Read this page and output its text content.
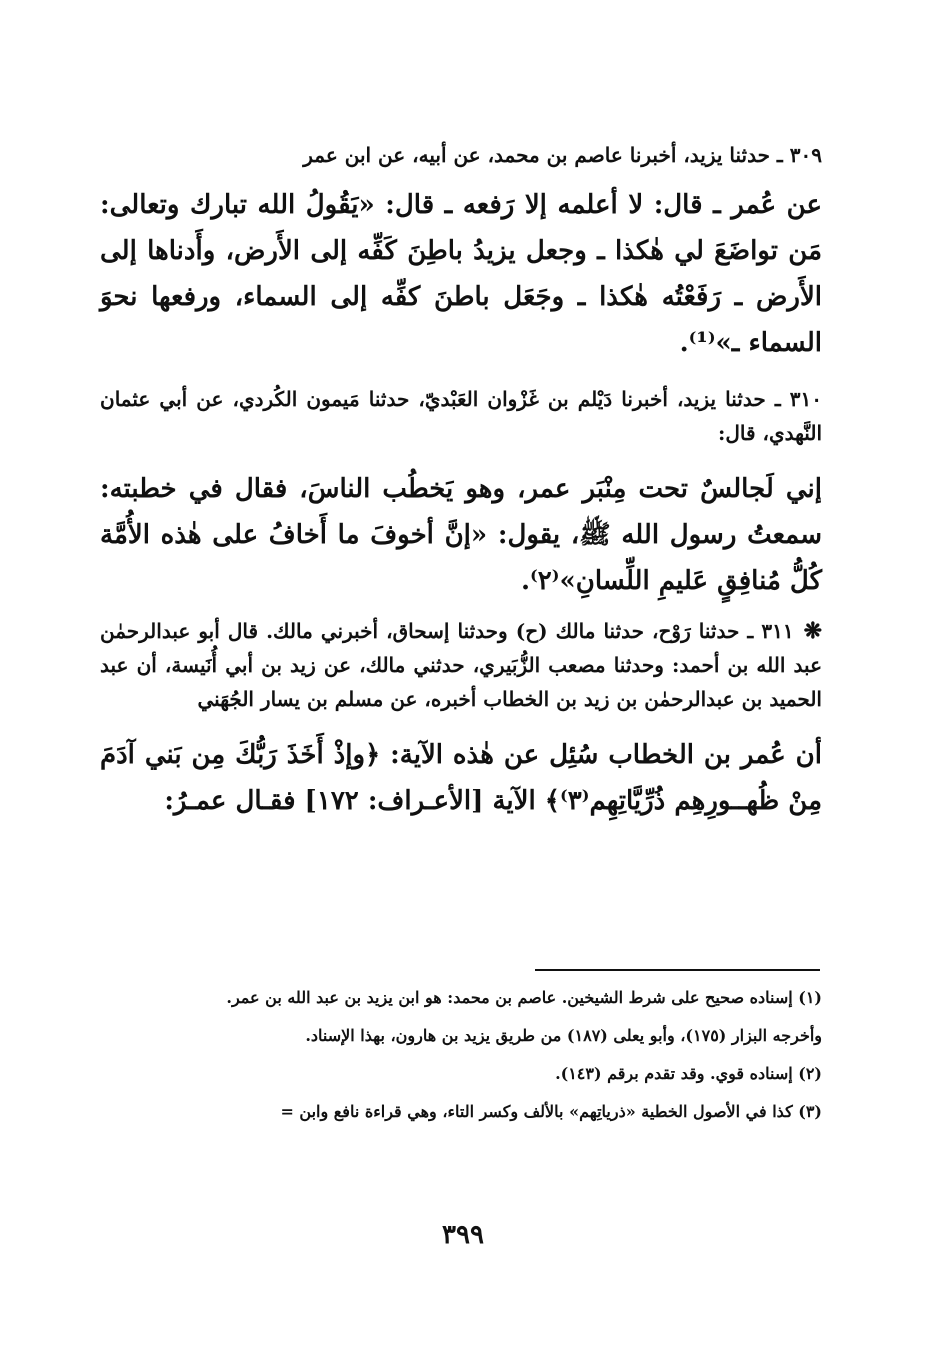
٣٠٩ ـ حدثنا يزيد، أخبرنا عاصم بن محمد، عن أبيه، عن ابن عمر

عن عُمر ـ قال: لا أعلمه إلا رَفعه ـ قال: «يَقُولُ الله تبارك وتعالى: مَن تواضَعَ لي هٰكذا ـ وجعل يزيدُ باطِنَ كَفِّه إلى الأَرض، وأَدناها إلى الأَرض ـ رَفَعْتُه هٰكذا ـ وجَعَل باطنَ كفِّه إلى السماء، ورفعها نحوَ السماء ـ»⁽¹⁾.

٣١٠ ـ حدثنا يزيد، أخبرنا دَيْلم بن غَزْوان العَبْديّ، حدثنا مَيمون الكُردي، عن أبي عثمان النَّهدي، قال:

إني لَجالسٌ تحت مِنْبَر عمر، وهو يَخطُب الناسَ، فقال في خطبته: سمعتُ رسول الله ﷺ، يقول: «إنَّ أخوفَ ما أَخافُ على هٰذه الأُمَّة كُلُّ مُنافِقٍ عَليمِ اللِّسانِ»⁽٢⁾.

❋٣١١ ـ حدثنا رَوْح، حدثنا مالك (ح) وحدثنا إسحاق، أخبرني مالك. قال أبو عبدالرحمٰن عبد الله بن أحمد: وحدثنا مصعب الزُّبَيري، حدثني مالك، عن زيد بن أبي أُنَيسة، أن عبد الحميد بن عبدالرحمٰن بن زيد بن الخطاب أخبره، عن مسلم بن يسار الجُهَني

أن عُمر بن الخطاب سُئِل عن هٰذه الآية: ﴿وإذْ أَخَذَ رَبُّكَ مِن بَني آدَمَ مِنْ ظُهــورِهِم ذُرِّيَّاتِهِم⁽٣⁾﴾ الآية [الأعـراف: ١٧٢] فقـال عمـرُ:

(١) إسناده صحيح على شرط الشيخين. عاصم بن محمد: هو ابن يزيد بن عبد الله بن عمر.

وأخرجه البزار (١٧٥)، وأبو يعلى (١٨٧) من طريق يزيد بن هارون، بهذا الإسناد.

(٢) إسناده قوي. وقد تقدم برقم (١٤٣).

(٣) كذا في الأصول الخطية «ذرياتِهم» بالألف وكسر التاء، وهي قراءة نافع وابن =

٣٩٩
